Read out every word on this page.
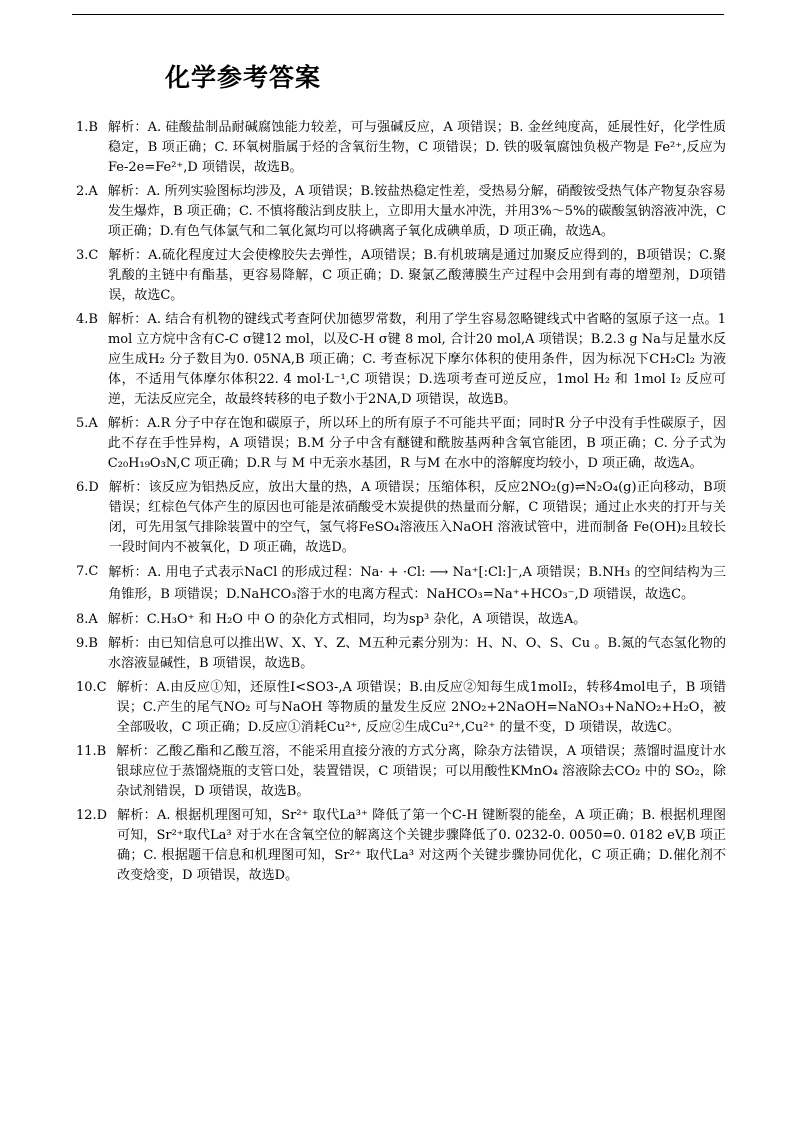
化学参考答案
1.B 解析：A. 硅酸盐制品耐碱腐蚀能力较差，可与强碱反应，A 项错误；B. 金丝纯度高，延展性好，化学性质稳定，B 项正确；C. 环氧树脂属于烃的含氧衍生物，C 项错误；D. 铁的吸氧腐蚀负极产物是 Fe²⁺,反应为Fe-2e=Fe²⁺,D 项错误，故选B。
2.A 解析：A. 所列实验图标均涉及，A 项错误；B.铵盐热稳定性差，受热易分解，硝酸铵受热气体产物复杂容易发生爆炸，B 项正确；C. 不慎将酸沾到皮肤上，立即用大量水冲洗，并用3%～5%的碳酸氢钠溶液冲洗，C 项正确；D.有色气体氯气和二氧化氮均可以将碘离子氧化成碘单质，D 项正确，故选A。
3.C 解析：A.硫化程度过大会使橡胶失去弹性，A项错误；B.有机玻璃是通过加聚反应得到的，B项错误；C.聚乳酸的主链中有酯基，更容易降解，C 项正确；D. 聚氯乙酸薄膜生产过程中会用到有毒的增塑剂，D项错误，故选C。
4.B 解析：A. 结合有机物的键线式考查阿伏加德罗常数，利用了学生容易忽略键线式中省略的氢原子这一点。1 mol 立方烷中含有C-C σ键12 mol，以及C-H σ键 8 mol, 合计20 mol,A 项错误；B.2.3 g Na与足量水反应生成H₂ 分子数目为0. 05NA,B 项正确；C. 考查标况下摩尔体积的使用条件，因为标况下CH₂Cl₂ 为液体，不适用气体摩尔体积22. 4 mol·L⁻¹,C 项错误；D.选项考查可逆反应，1mol H₂ 和 1mol I₂ 反应可逆，无法反应完全，故最终转移的电子数小于2NA,D 项错误，故选B。
5.A 解析：A.R 分子中存在饱和碳原子，所以环上的所有原子不可能共平面；同时R 分子中没有手性碳原子，因此不存在手性异构，A 项错误；B.M 分子中含有醚键和酰胺基两种含氧官能团，B 项正确；C. 分子式为C₂₀H₁₉O₃N,C 项正确；D.R 与 M 中无亲水基团，R 与M 在水中的溶解度均较小，D 项正确，故选A。
6.D 解析：该反应为铝热反应，放出大量的热，A 项错误；压缩体积，反应2NO₂(g)⇌N₂O₄(g)正向移动，B项错误；红棕色气体产生的原因也可能是浓硝酸受木炭提供的热量而分解，C 项错误；通过止水夹的打开与关闭，可先用氢气排除装置中的空气，氢气将FeSO₄溶液压入NaOH 溶液试管中，进而制备 Fe(OH)₂且较长一段时间内不被氧化，D 项正确，故选D。
7.C 解析：A. 用电子式表示NaCl 的形成过程：Na· + ·Cl: ⟶ Na⁺[:Cl:]⁻,A 项错误；B.NH₃ 的空间结构为三角锥形，B 项错误；D.NaHCO₃溶于水的电离方程式：NaHCO₃=Na⁺+HCO₃⁻,D 项错误，故选C。
8.A 解析：C.H₃O⁺ 和 H₂O 中 O 的杂化方式相同，均为sp³ 杂化，A 项错误，故选A。
9.B 解析：由已知信息可以推出W、X、Y、Z、M五种元素分别为：H、N、O、S、Cu 。B.氮的气态氢化物的水溶液显碱性，B 项错误，故选B。
10.C 解析：A.由反应①知，还原性I<SO3-,A 项错误；B.由反应②知每生成1molI₂，转移4mol电子，B 项错误；C.产生的尾气NO₂ 可与NaOH 等物质的量发生反应 2NO₂+2NaOH=NaNO₃+NaNO₂+H₂O，被全部吸收，C 项正确；D.反应①消耗Cu²⁺, 反应②生成Cu²⁺,Cu²⁺ 的量不变，D 项错误，故选C。
11.B 解析：乙酸乙酯和乙酸互溶，不能采用直接分液的方式分离，除杂方法错误，A 项错误；蒸馏时温度计水银球应位于蒸馏烧瓶的支管口处，装置错误，C 项错误；可以用酸性KMnO₄ 溶液除去CO₂ 中的 SO₂，除杂试剂错误，D 项错误，故选B。
12.D 解析：A. 根据机理图可知，Sr²⁺ 取代La³⁺ 降低了第一个C-H 键断裂的能垒，A 项正确；B. 根据机理图可知，Sr²⁺取代La³ 对于水在含氧空位的解离这个关键步骤降低了0. 0232-0. 0050=0. 0182 eV,B 项正确；C. 根据题干信息和机理图可知，Sr²⁺ 取代La³ 对这两个关键步骤协同优化，C 项正确；D.催化剂不改变焓变，D 项错误，故选D。
